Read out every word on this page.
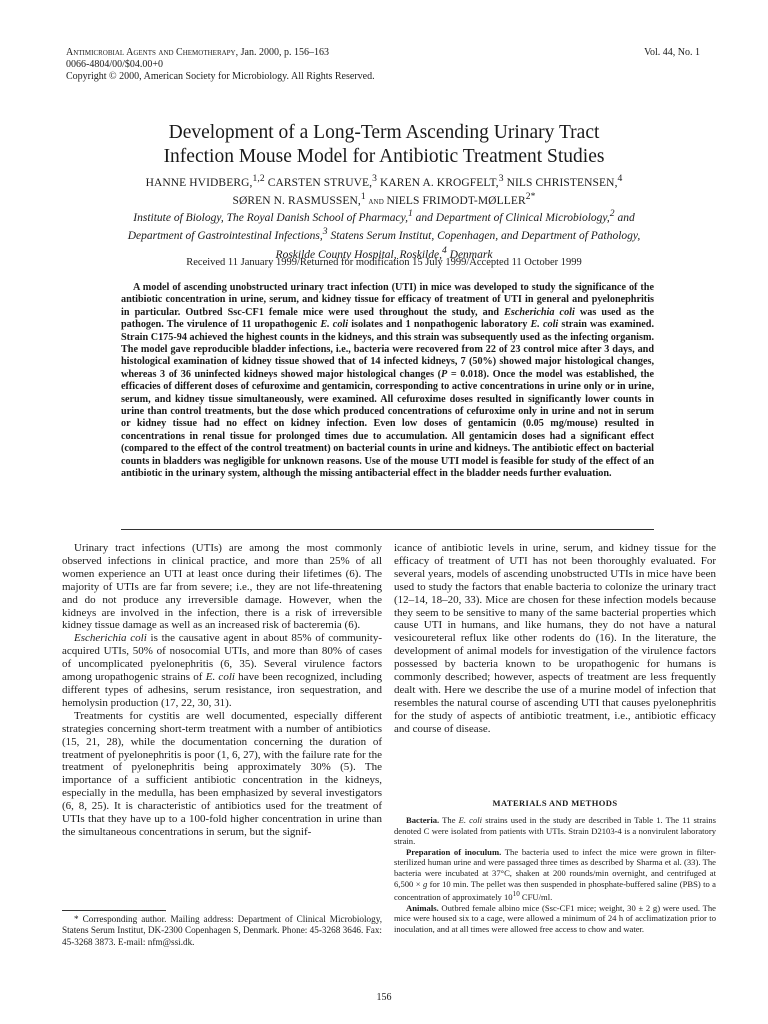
Antimicrobial Agents and Chemotherapy, Jan. 2000, p. 156–163
0066-4804/00/$04.00+0
Copyright © 2000, American Society for Microbiology. All Rights Reserved.
Vol. 44, No. 1
Development of a Long-Term Ascending Urinary Tract
Infection Mouse Model for Antibiotic Treatment Studies
HANNE HVIDBERG,$^{1,2}$ CARSTEN STRUVE,$^3$ KAREN A. KROGFELT,$^3$ NILS CHRISTENSEN,$^4$
SØREN N. RASMUSSEN,$^1$ and NIELS FRIMODT-$MØLLER^{2*}$
Institute of Biology, The Royal Danish School of Pharmacy,$^1$ and Department of Clinical Microbiology,$^2$ and
Department of Gastrointestinal Infections,$^3$ Statens Serum Institut, Copenhagen, and Department of Pathology,
Roskilde County Hospital, Roskilde,$^4$ Denmark
Received 11 January 1999/Returned for modification 15 July 1999/Accepted 11 October 1999

A model of ascending unobstructed urinary tract infection (UTI) in mice was developed to study the significance of the antibiotic concentration in urine, serum, and kidney tissue for efficacy of treatment of UTI in general and pyelonephritis in particular. Outbred Ssc-CF1 female mice were used throughout the study, and Escherichia coli was used as the pathogen. The virulence of 11 uropathogenic E. coli isolates and 1 nonpathogenic laboratory E. coli strain was examined. Strain C175-94 achieved the highest counts in the kidneys, and this strain was subsequently used as the infecting organism. The model gave reproducible bladder infections, i.e., bacteria were recovered from 22 of 23 control mice after 3 days, and histological examination of kidney tissue showed that of 14 infected kidneys, 7 (50%) showed major histological changes, whereas 3 of 36 uninfected kidneys showed major histological changes (P = 0.018). Once the model was established, the efficacies of different doses of cefuroxime and gentamicin, corresponding to active concentrations in urine only or in urine, serum, and kidney tissue simultaneously, were examined. All cefuroxime doses resulted in significantly lower counts in urine than control treatments, but the dose which produced concentrations of cefuroxime only in urine and not in serum or kidney tissue had no effect on kidney infection. Even low doses of gentamicin (0.05 mg/mouse) resulted in concentrations in renal tissue for prolonged times due to accumulation. All gentamicin doses had a significant effect (compared to the effect of the control treatment) on bacterial counts in urine and kidneys. The antibiotic effect on bacterial counts in bladders was negligible for unknown reasons. Use of the mouse UTI model is feasible for study of the effect of an antibiotic in the urinary system, although the missing antibacterial effect in the bladder needs further evaluation.

Urinary tract infections (UTIs) are among the most commonly observed infections in clinical practice, and more than 25% of all women experience an UTI at least once during their lifetimes (6). The majority of UTIs are far from severe; i.e., they are not life-threatening and do not produce any irreversible damage. However, when the kidneys are involved in the infection, there is a risk of irreversible kidney tissue damage as well as an increased risk of bacteremia (6).

Escherichia coli is the causative agent in about 85% of community-acquired UTIs, 50% of nosocomial UTIs, and more than 80% of cases of uncomplicated pyelonephritis (6, 35). Several virulence factors among uropathogenic strains of E. coli have been recognized, including different types of adhesins, serum resistance, iron sequestration, and hemolysin production (17, 22, 30, 31).

Treatments for cystitis are well documented, especially different strategies concerning short-term treatment with a number of antibiotics (15, 21, 28), while the documentation concerning the duration of treatment of pyelonephritis is poor (1, 6, 27), with the failure rate for the treatment of pyelonephritis being approximately 30% (5). The importance of a sufficient antibiotic concentration in the kidneys, especially in the medulla, has been emphasized by several investigators (6, 8, 25). It is characteristic of antibiotics used for the treatment of UTIs that they have up to a 100-fold higher concentration in urine than the simultaneous concentrations in serum, but the signif-

icance of antibiotic levels in urine, serum, and kidney tissue for the efficacy of treatment of UTI has not been thoroughly evaluated. For several years, models of ascending unobstructed UTIs in mice have been used to study the factors that enable bacteria to colonize the urinary tract (12–14, 18–20, 33). Mice are chosen for these infection models because they seem to be sensitive to many of the same bacterial properties which cause UTI in humans, and like humans, they do not have a natural vesicoureteral reflux like other rodents do (16). In the literature, the development of animal models for investigation of the virulence factors possessed by bacteria known to be uropathogenic for humans is commonly described; however, aspects of treatment are less frequently dealt with. Here we describe the use of a murine model of infection that resembles the natural course of ascending UTI that causes pyelonephritis for the study of aspects of antibiotic treatment, i.e., antibiotic efficacy and course of disease.

MATERIALS AND METHODS

Bacteria. The E. coli strains used in the study are described in Table 1. The 11 strains denoted C were isolated from patients with UTIs. Strain D2103-4 is a nonvirulent laboratory strain.

Preparation of inoculum. The bacteria used to infect the mice were grown in filter-sterilized human urine and were passaged three times as described by Sharma et al. (33). The bacteria were incubated at 37°C, shaken at 200 rounds/min overnight, and centrifuged at 6,500 × g for 10 min. The pellet was then suspended in phosphate-buffered saline (PBS) to a concentration of approximately $10^{10}$ CFU/ml.

Animals. Outbred female albino mice (Ssc-CF1 mice; weight, 30 ± 2 g) were used. The mice were housed six to a cage, were allowed a minimum of 24 h of acclimatization prior to inoculation, and at all times were allowed free access to chow and water.

* Corresponding author. Mailing address: Department of Clinical Microbiology, Statens Serum Institut, DK-2300 Copenhagen S, Denmark. Phone: 45-3268 3646. Fax: 45-3268 3873. E-mail: nfm@ssi.dk.

156
